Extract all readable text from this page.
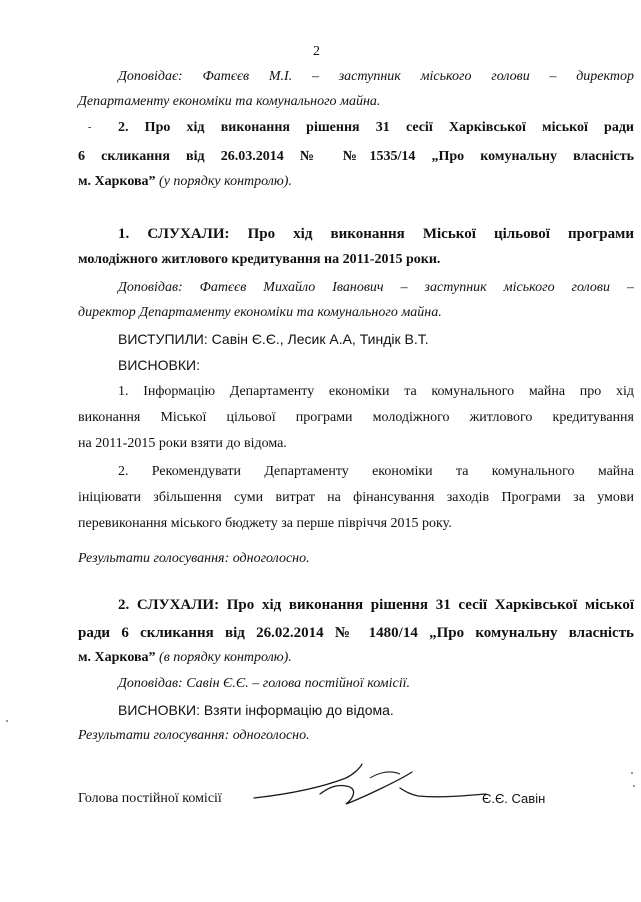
2
Доповідає: Фатєєв М.І. – заступник міського голови – директор
Департаменту економіки та комунального майна.
- 2. Про хід виконання рішення 31 сесії Харківської міської ради
6 скликання від 26.03.2014 № №1535/14 „Про комунальну власність
м. Харкова” (у порядку контролю).
1. СЛУХАЛИ: Про хід виконання Міської цільової програми
молодіжного житлового кредитування на 2011-2015 роки.
Доповідав: Фатєєв Михайло Іванович – заступник міського голови –
директор Департаменту економіки та комунального майна.
ВИСТУПИЛИ: Савін Є.Є., Лесик А.А, Тиндік В.Т.
ВИСНОВКИ:
1. Інформацію Департаменту економіки та комунального майна про хід
виконання Міської цільової програми молодіжного житлового кредитування
на 2011-2015 роки взяти до відома.
2. Рекомендувати Департаменту економіки та комунального майна
ініціювати збільшення суми витрат на фінансування заходів Програми за умови
перевиконання міського бюджету за перше півріччя 2015 року.
Результати голосування: одноголосно.
2. СЛУХАЛИ: Про хід виконання рішення 31 сесії Харківської міської
ради 6 скликання від 26.02.2014 № 1480/14 „Про комунальну власність
м. Харкова” (в порядку контролю).
Доповідав: Савін Є.Є. – голова постійної комісії.
ВИСНОВКИ: Взяти інформацію до відома.
Результати голосування: одноголосно.
Голова постійної комісії	Є.Є. Савін
